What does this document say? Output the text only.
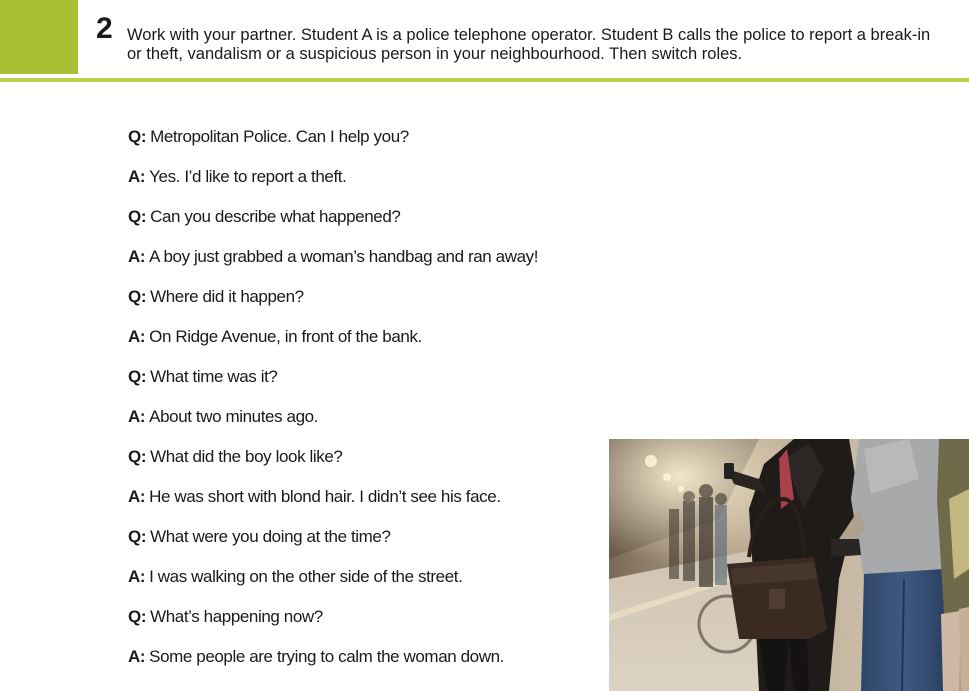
2 Work with your partner. Student A is a police telephone operator. Student B calls the police to report a break-in or theft, vandalism or a suspicious person in your neighbourhood. Then switch roles.

Q: Metropolitan Police. Can I help you?
A: Yes. I’d like to report a theft.
Q: Can you describe what happened?
A: A boy just grabbed a woman’s handbag and ran away!
Q: Where did it happen?
A: On Ridge Avenue, in front of the bank.
Q: What time was it?
A: About two minutes ago.
Q: What did the boy look like?
A: He was short with blond hair. I didn’t see his face.
Q: What were you doing at the time?
A: I was walking on the other side of the street.
Q: What’s happening now?
A: Some people are trying to calm the woman down.
